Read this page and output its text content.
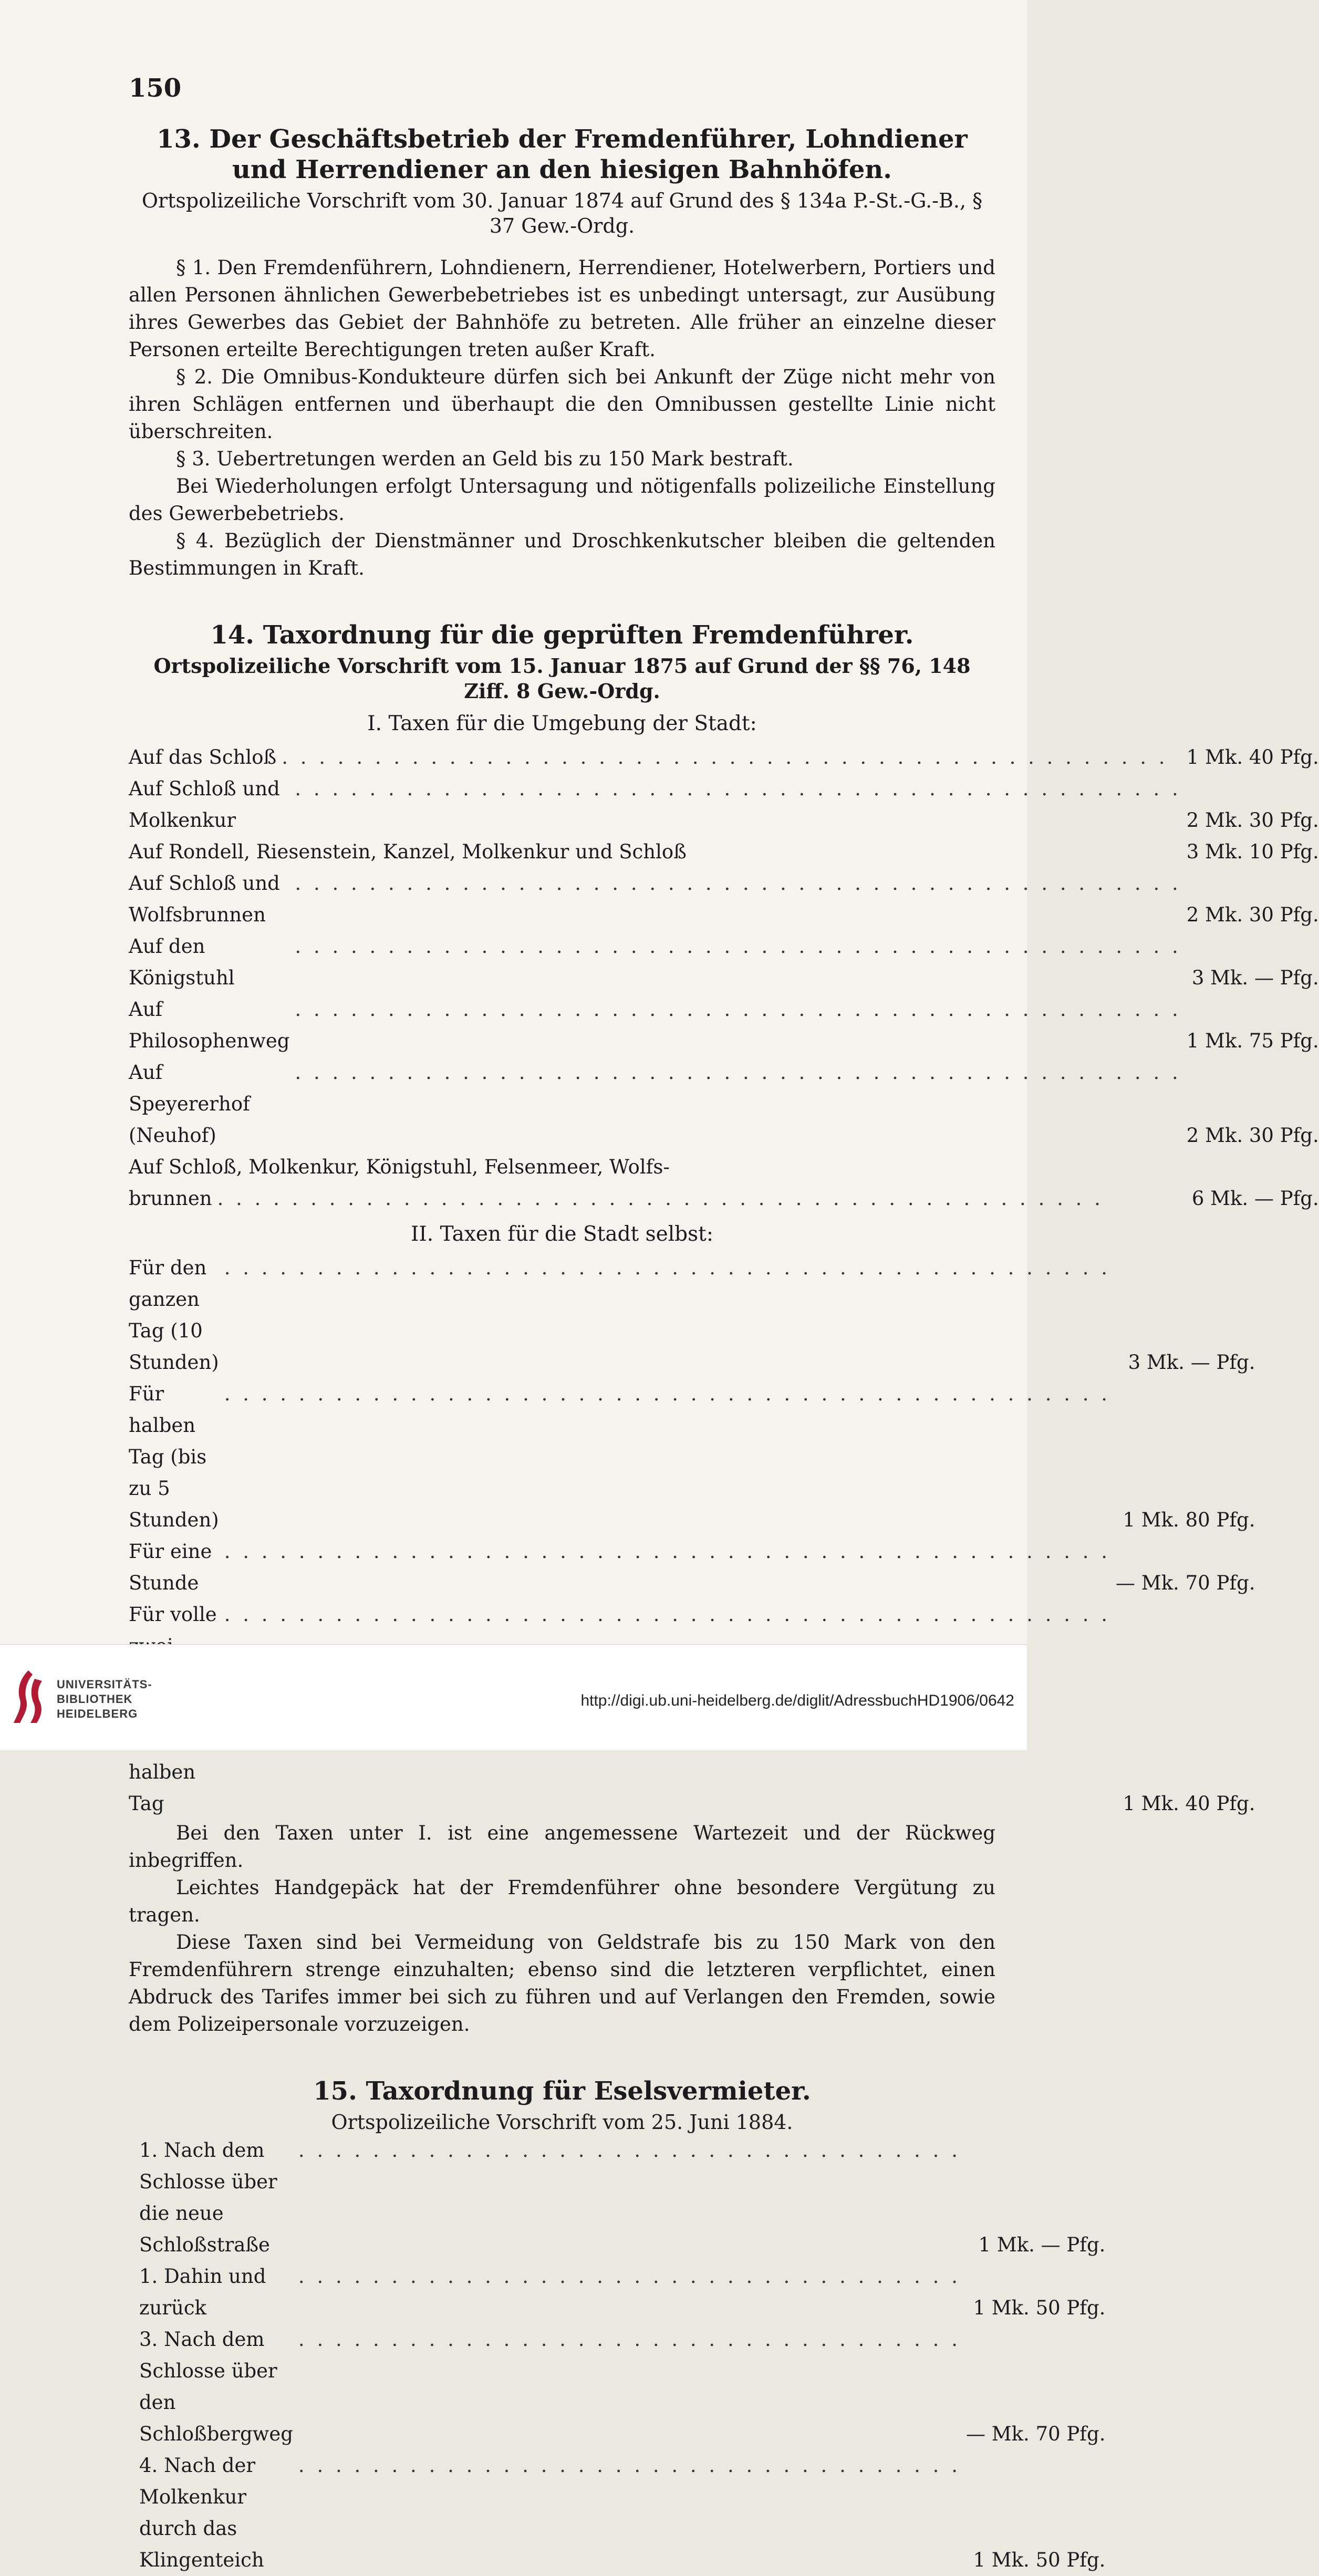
150
13. Der Geschäftsbetrieb der Fremdenführer, Lohndiener und Herrendiener an den hiesigen Bahnhöfen.
Ortspolizeiliche Vorschrift vom 30. Januar 1874 auf Grund des § 134a P.-St.-G.-B., § 37 Gew.-Ordg.

§ 1. Den Fremdenführern, Lohndienern, Herrendiener, Hotelwerbern, Portiers und allen Personen ähnlichen Gewerbebetriebes ist es unbedingt untersagt, zur Ausübung ihres Gewerbes das Gebiet der Bahnhöfe zu betreten. Alle früher an einzelne dieser Personen erteilte Berechtigungen treten außer Kraft.

§ 2. Die Omnibus-Kondukteure dürfen sich bei Ankunft der Züge nicht mehr von ihren Schlägen entfernen und überhaupt die den Omnibussen gestellte Linie nicht überschreiten.

§ 3. Uebertretungen werden an Geld bis zu 150 Mark bestraft.

Bei Wiederholungen erfolgt Untersagung und nötigenfalls polizeiliche Einstellung des Gewerbebetriebs.

§ 4. Bezüglich der Dienstmänner und Droschkenkutscher bleiben die geltenden Bestimmungen in Kraft.

14. Taxordnung für die geprüften Fremdenführer.
Ortspolizeiliche Vorschrift vom 15. Januar 1875 auf Grund der §§ 76, 148 Ziff. 8 Gew.-Ordg.
I. Taxen für die Umgebung der Stadt:
Auf das Schloß . . . . . . . . . . . . . . . . . . . . . . . . . . . . . . . . . . . . . . . . . . . . . . . .	1 Mk. 40 Pfg.

Auf Schloß und Molkenkur
. . . . . . . . . . . . . . . . . . . . . . . . . . . . . . . . . . . . . . . . . . . . . . . .	2 Mk. 30 Pfg.

Auf Rondell, Riesenstein, Kanzel, Molkenkur und Schloß	3 Mk. 10 Pfg.

Auf Schloß und Wolfsbrunnen
. . . . . . . . . . . . . . . . . . . . . . . . . . . . . . . . . . . . . . . . . . . . . . . .	2 Mk. 30 Pfg.

Auf den Königstuhl
. . . . . . . . . . . . . . . . . . . . . . . . . . . . . . . . . . . . . . . . . . . . . . . .	3 Mk. — Pfg.

Auf Philosophenweg
. . . . . . . . . . . . . . . . . . . . . . . . . . . . . . . . . . . . . . . . . . . . . . . .	1 Mk. 75 Pfg.

Auf Speyererhof (Neuhof)
. . . . . . . . . . . . . . . . . . . . . . . . . . . . . . . . . . . . . . . . . . . . . . . .	2 Mk. 30 Pfg.
Auf Schloß, Molkenkur, Königstuhl, Felsenmeer, Wolfs-	

brunnen . . . . . . . . . . . . . . . . . . . . . . . . . . . . . . . . . . . . . . . . . . . . . . . .	6 Mk. — Pfg.
II. Taxen für die Stadt selbst:
Für den ganzen Tag (10 Stunden)
. . . . . . . . . . . . . . . . . . . . . . . . . . . . . . . . . . . . . . . . . . . . . . . .	3 Mk. — Pfg.

Für halben Tag (bis zu 5 Stunden)
. . . . . . . . . . . . . . . . . . . . . . . . . . . . . . . . . . . . . . . . . . . . . . . .	1 Mk. 80 Pfg.

Für eine Stunde
. . . . . . . . . . . . . . . . . . . . . . . . . . . . . . . . . . . . . . . . . . . . . . . .	— Mk. 70 Pfg.

Für volle halben Tag
. . . . . . . . . . . . . . . . . . . . . . . . . . . . . . . . . . . . . . . . . . . . . . . .	1 Mk. 40 Pfg.

Bei den Taxen unter I. ist eine angemessene Wartezeit und der Rückweg inbegriffen.

Leichtes Handgepäck hat der Fremdenführer ohne besondere Vergütung zu tragen.

Diese Taxen sind bei Vermeidung von Geldstrafe bis zu 150 Mark von den Fremdenführern strenge einzuhalten; ebenso sind die letzteren verpflichtet, einen Abdruck des Tarifes immer bei sich zu führen und auf Verlangen den Fremden, sowie dem Polizeipersonale vorzuzeigen.

15. Taxordnung für Eselsvermieter.
Ortspolizeiliche Vorschrift vom 25. Juni 1884.
1. Nach dem Schlosse über die neue Schloßstraße
. . . . . . . . . . . . . . . . . . . . . . . . . . . . . . . . . . . .	1 Mk. — Pfg.

1. Dahin und zurück
. . . . . . . . . . . . . . . . . . . . . . . . . . . . . . . . . . . .	1 Mk. 50 Pfg.

3. Nach dem Schlosse über den Schloßbergweg
. . . . . . . . . . . . . . . . . . . . . . . . . . . . . . . . . . . .	— Mk. 70 Pfg.

4. Nach der Molkenkur durch das Klingenteich
. . . . . . . . . . . . . . . . . . . . . . . . . . . . . . . . . . . .	1 Mk. 50 Pfg.
UNIVERSITÄTS-
BIBLIOTHEK
HEIDELBERG
http://digi.ub.uni-heidelberg.de/diglit/AdressbuchHD1906/0642
